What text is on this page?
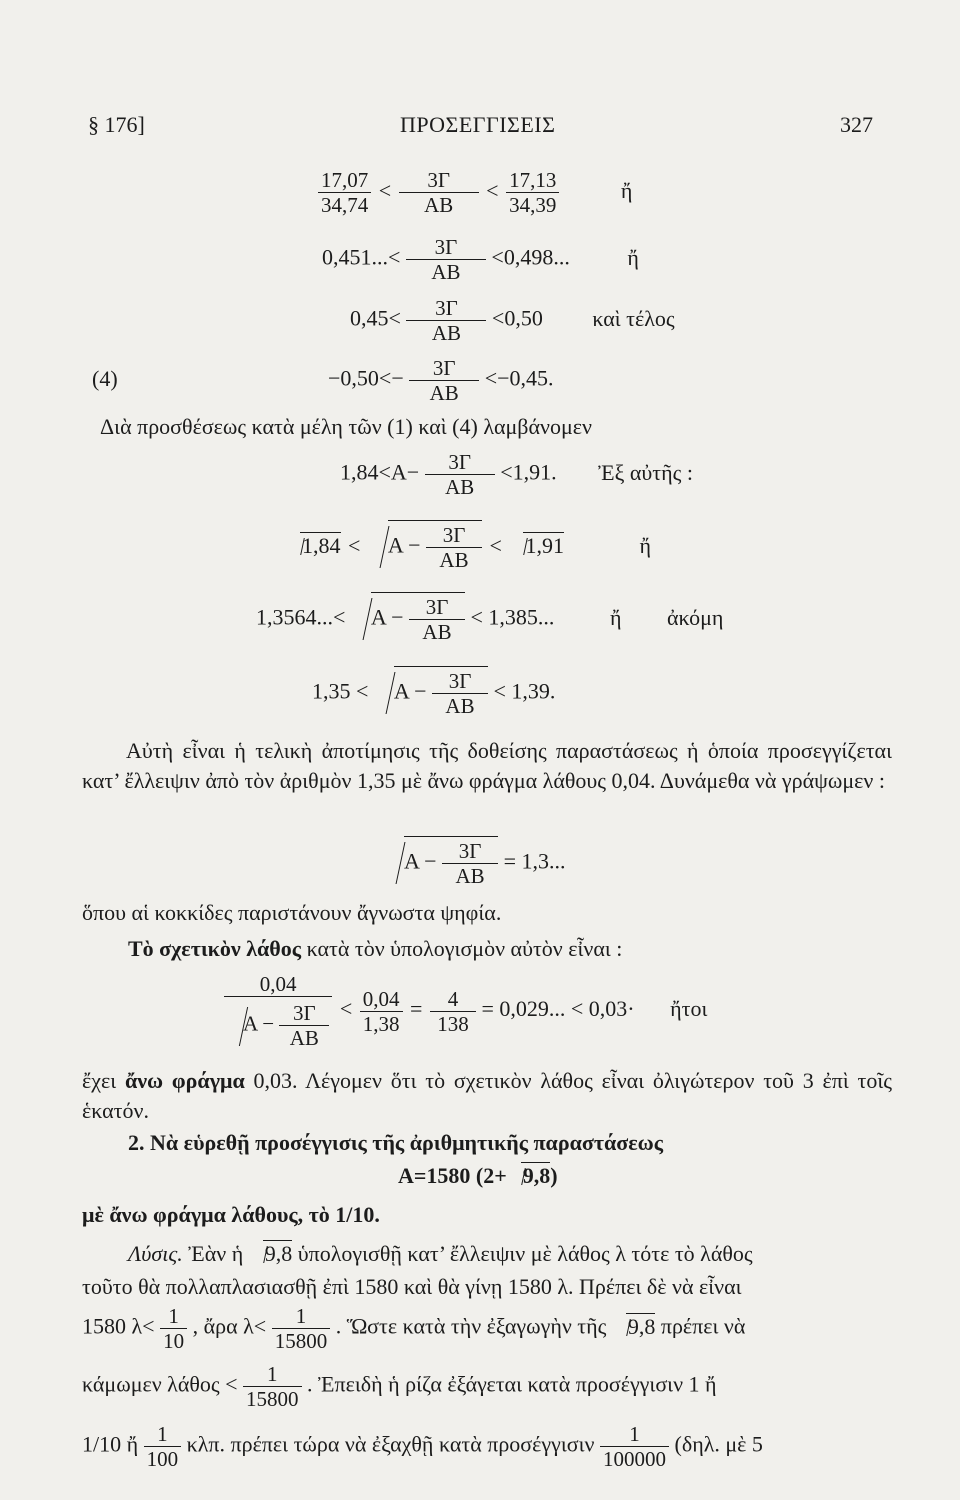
§ 176]	ΠΡΟΣΕΓΓΙΣΕΙΣ	327
$\frac{17,07}{34,74} < \frac{3\Gamma}{AB} < \frac{17,13}{34,39}$	ἤ
$0,451...< \frac{3\Gamma}{AB} <0,498$...	ἤ
$0,45< \frac{3\Gamma}{AB} <0,50$ καὶ τέλος
(4)	$-0,50<- \frac{3\Gamma}{AB} <-0,45$.
Διὰ προσθέσεως κατὰ μέλη τῶν (1) καὶ (4) λαμβάνομεν
$1,84<A- \frac{3\Gamma}{AB} <1,91$. Ἐξ αὐτῆς :
$1,84 < A - \frac{3\Gamma}{AB} < 1,91$	ἤ
$1,3564...< A - \frac{3\Gamma}{AB} < 1,385$...	ἤ ἀκόμη
$1,35 < A - \frac{3\Gamma}{AB} < 1,39$.
Αὐτὴ εἶναι ἡ τελικὴ ἀποτίμησις τῆς δοθείσης παραστάσεως ἡ ὁποία προσεγγίζεται κατ’ ἔλλειψιν ἀπὸ τὸν ἀριθμὸν 1,35 μὲ ἄνω φράγμα λάθους 0,04. Δυνάμεθα νὰ γράψωμεν :
$A - \frac{3\Gamma}{AB} = 1,3$...
ὅπου αἱ κοκκίδες παριστάνουν ἄγνωστα ψηφία.
Τὸ σχετικὸν λάθος κατὰ τὸν ὑπολογισμὸν αὐτὸν εἶναι :
$\frac{0,04}{A - \frac{3\Gamma}{AB}} < \frac{0,04}{1,38} = \frac{4}{138} = 0,029$... < 0,03· ἤτοι
ἔχει ἄνω φράγμα 0,03. Λέγομεν ὅτι τὸ σχετικὸν λάθος εἶναι ὀλιγώτερον τοῦ 3 ἐπὶ τοῖς ἑκατόν.
2. Νὰ εὑρεθῇ προσέγγισις τῆς ἀριθμητικῆς παραστάσεως
Α=1580 (2+ 9,8)
μὲ ἄνω φράγμα λάθους, τὸ 1/10.
Λύσις. Ἐὰν ἡ 9,8 ὑπολογισθῇ κατ’ ἔλλειψιν μὲ λάθος λ τότε τὸ λάθος
τοῦτο θὰ πολλαπλασιασθῇ ἐπὶ 1580 καὶ θὰ γίνῃ 1580 λ. Πρέπει δὲ νὰ εἶναι
1580 $\lambda< \frac{1}{10}$ , ἄρα $\lambda< \frac{1}{15800}$ . Ὥστε κατὰ τὴν ἐξαγωγὴν τῆς 9,8 πρέπει νὰ
κάμωμεν $\lambda ά\theta o\varsigma < \frac{1}{15800}$ . Ἐπειδὴ ἡ ρίζα ἐξάγεται κατὰ προσέγγισιν 1 ἤ
1/10 ἤ $\frac{1}{100} \kappa\lambda\pi$. πρέπει τώρα νὰ ἐξαχθῇ κατὰ προσέγγισιν $\frac{1}{100000} (\delta\eta\lambda$. μὲ 5
